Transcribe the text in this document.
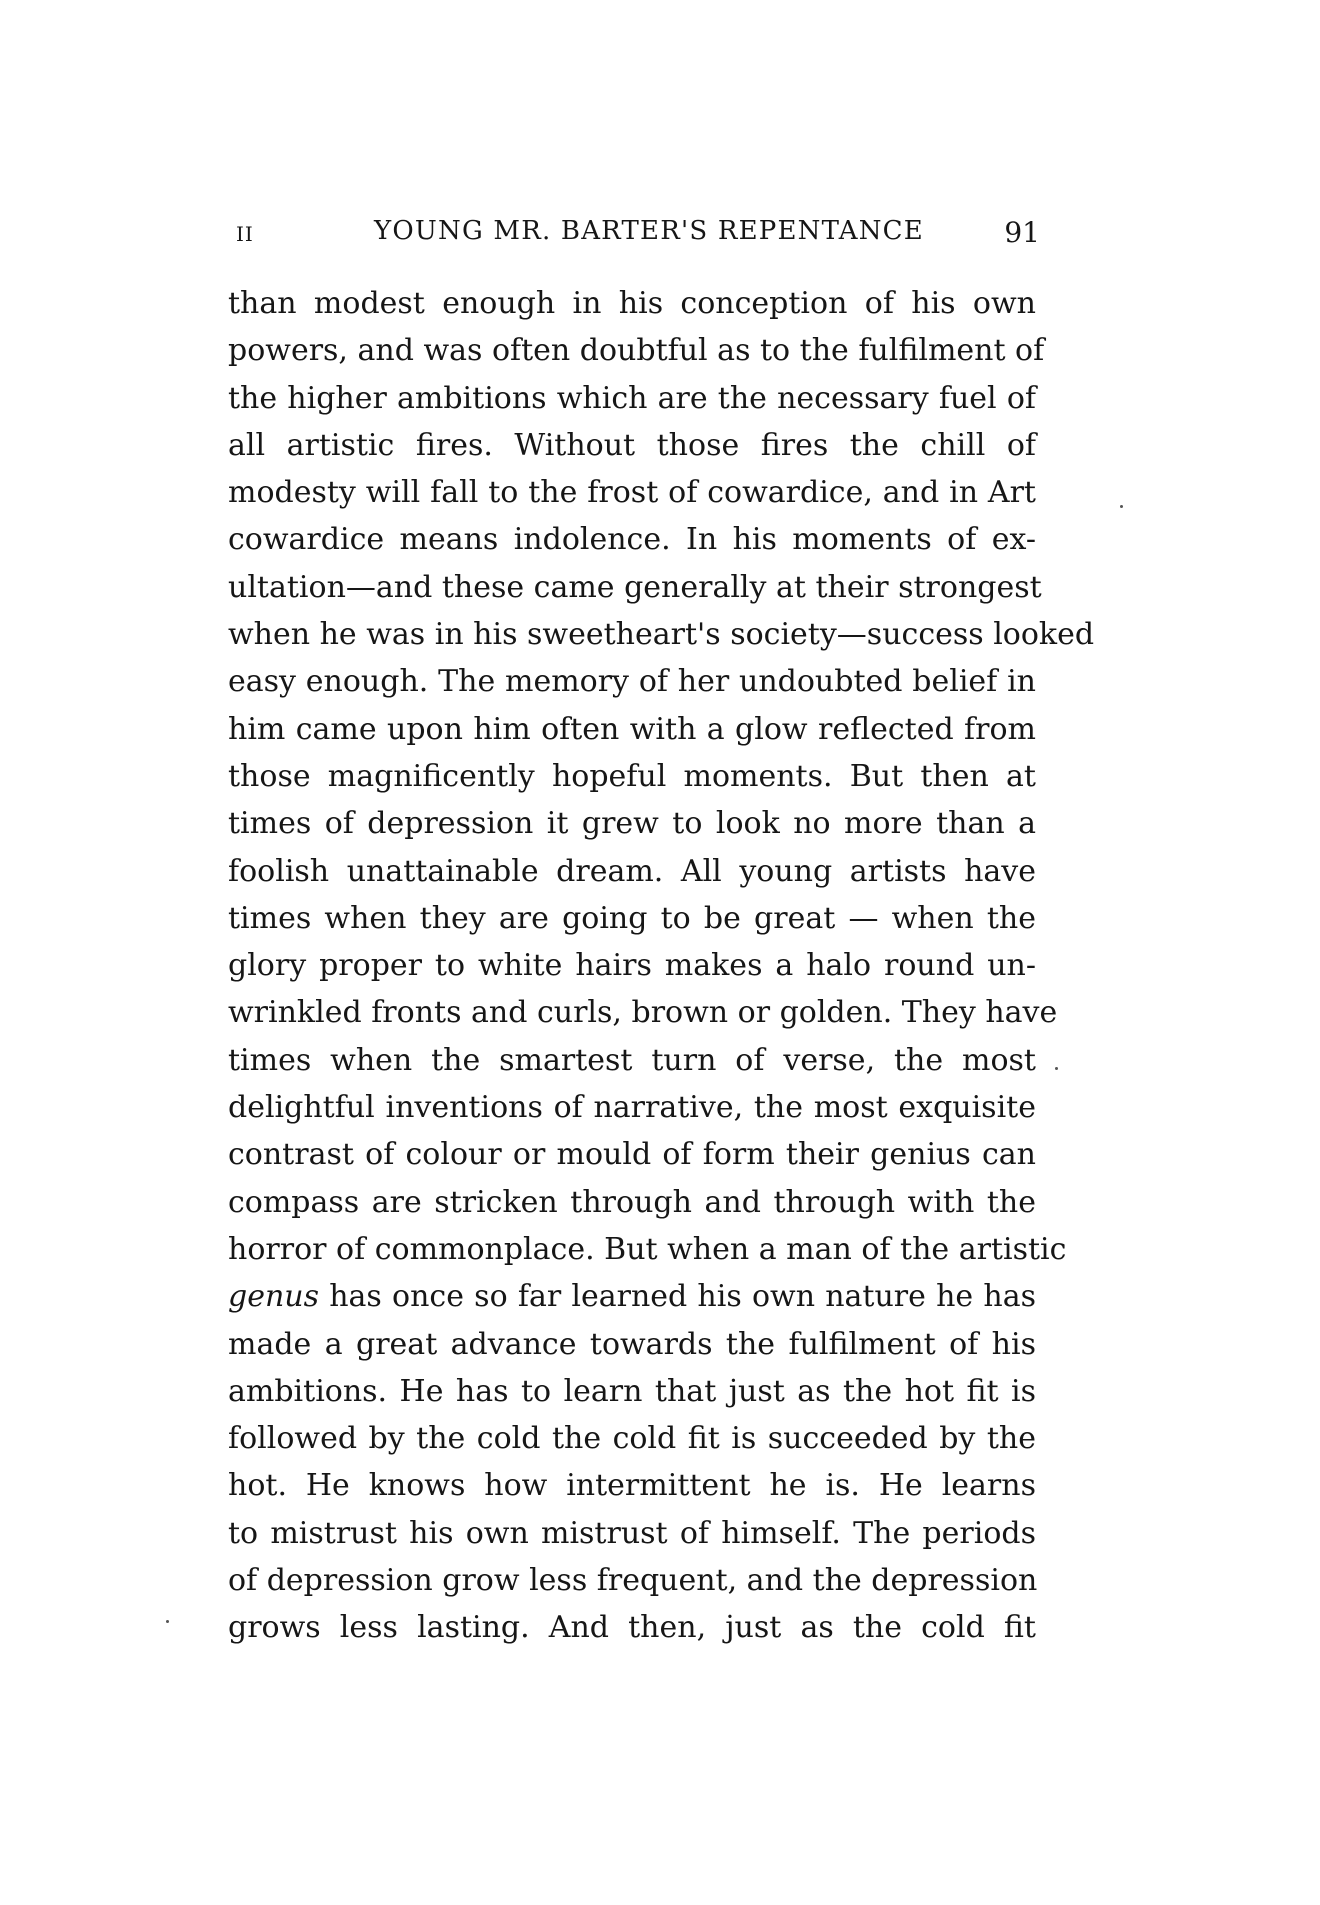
II	YOUNG MR. BARTER'S REPENTANCE	91
than modest enough in his conception of his own
powers, and was often doubtful as to the fulfilment of
the higher ambitions which are the necessary fuel of
all artistic fires. Without those fires the chill of
modesty will fall to the frost of cowardice, and in Art
cowardice means indolence. In his moments of ex-
ultation—and these came generally at their strongest
when he was in his sweetheart's society—success looked
easy enough. The memory of her undoubted belief in
him came upon him often with a glow reflected from
those magnificently hopeful moments. But then at
times of depression it grew to look no more than a
foolish unattainable dream. All young artists have
times when they are going to be great — when the
glory proper to white hairs makes a halo round un-
wrinkled fronts and curls, brown or golden. They have
times when the smartest turn of verse, the most
delightful inventions of narrative, the most exquisite
contrast of colour or mould of form their genius can
compass are stricken through and through with the
horror of commonplace. But when a man of the artistic
genus has once so far learned his own nature he has
made a great advance towards the fulfilment of his
ambitions. He has to learn that just as the hot fit is
followed by the cold the cold fit is succeeded by the
hot. He knows how intermittent he is. He learns
to mistrust his own mistrust of himself. The periods
of depression grow less frequent, and the depression
grows less lasting. And then, just as the cold fit
